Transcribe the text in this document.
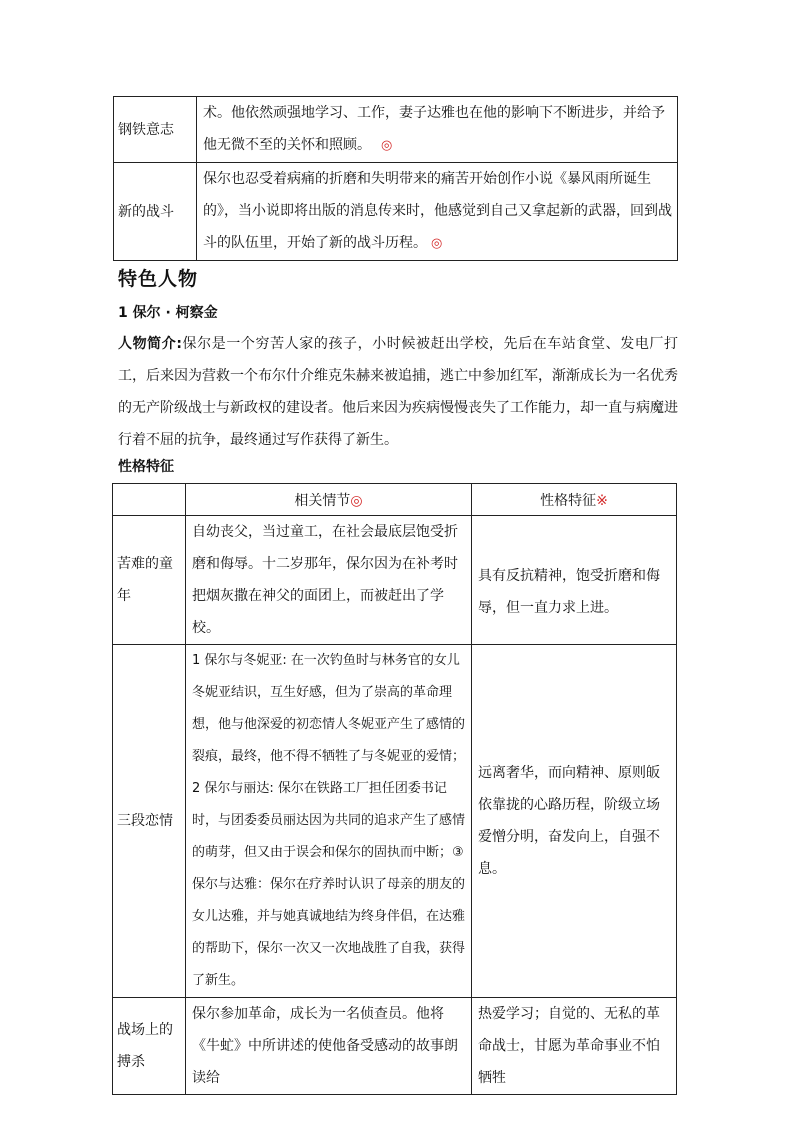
钢铁意志	术。他依然顽强地学习、工作，妻子达雅也在他的影响下不断进步，并给予他无微不至的关怀和照顾。 ◎

新的战斗	保尔也忍受着病痛的折磨和失明带来的痛苦开始创作小说《暴风雨所诞生的》，当小说即将出版的消息传来时，他感觉到自己又拿起新的武器，回到战斗的队伍里，开始了新的战斗历程。 ◎
特色人物
1 保尔 · 柯察金
人物简介:保尔是一个穷苦人家的孩子，小时候被赶出学校，先后在车站食堂、发电厂打工，后来因为营救一个布尔什介维克朱赫来被追捕，逃亡中参加红军，渐渐成长为一名优秀的无产阶级战士与新政权的建设者。他后来因为疾病慢慢丧失了工作能力，却一直与病魔进行着不屈的抗争，最终通过写作获得了新生。
性格特征
	相关情节◎	性格特征※

苦难的童年	自幼丧父，当过童工，在社会最底层饱受折磨和侮辱。十二岁那年，保尔因为在补考时把烟灰撒在神父的面团上，而被赶出了学校。	具有反抗精神，饱受折磨和侮辱，但一直力求上进。

三段恋情	1 保尔与冬妮亚: 在一次钓鱼时与林务官的女儿冬妮亚结识，互生好感，但为了崇高的革命理想，他与他深爱的初恋情人冬妮亚产生了感情的裂痕，最终，他不得不牺牲了与冬妮亚的爱情；2 保尔与丽达: 保尔在铁路工厂担任团委书记时，与团委委员丽达因为共同的追求产生了感情的萌芽，但又由于误会和保尔的固执而中断；③保尔与达雅：保尔在疗养时认识了母亲的朋友的女儿达雅，并与她真诚地结为终身伴侣，在达雅的帮助下，保尔一次又一次地战胜了自我，获得了新生。	远离奢华，而向精神、原则皈依靠拢的心路历程，阶级立场爱憎分明，奋发向上，自强不息。

战场上的搏杀	保尔参加革命，成长为一名侦查员。他将《牛虻》中所讲述的使他备受感动的故事朗读给	热爱学习；自觉的、无私的革命战士，甘愿为革命事业不怕牺牲
